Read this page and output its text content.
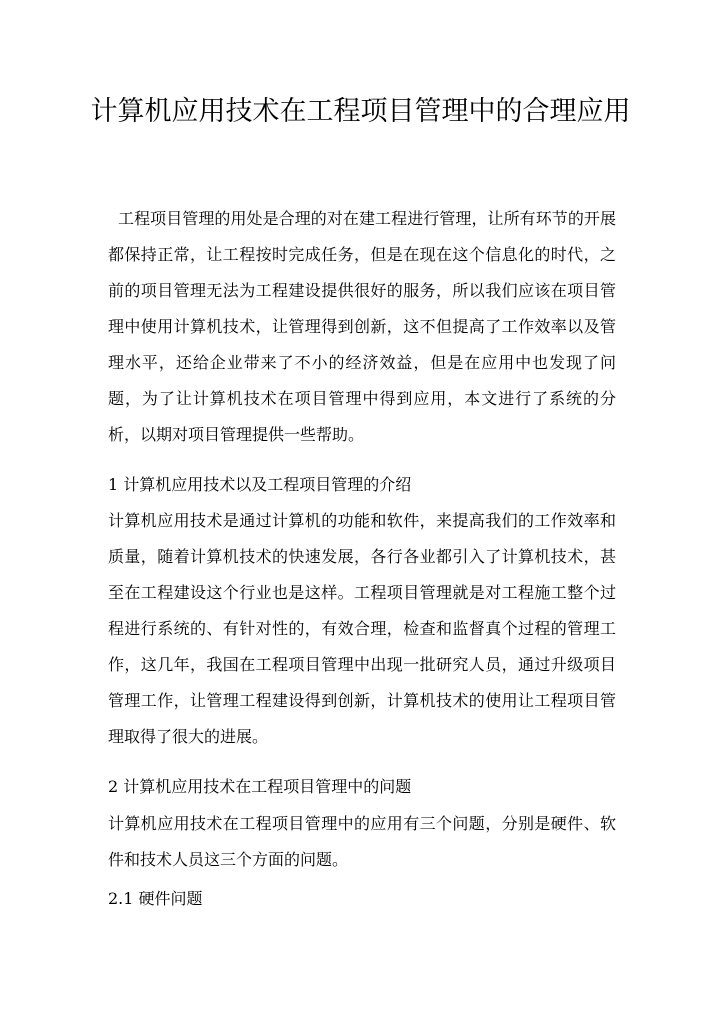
计算机应用技术在工程项目管理中的合理应用

工程项目管理的用处是合理的对在建工程进行管理，让所有环节的开展都保持正常，让工程按时完成任务，但是在现在这个信息化的时代，之前的项目管理无法为工程建设提供很好的服务，所以我们应该在项目管理中使用计算机技术，让管理得到创新，这不但提高了工作效率以及管理水平，还给企业带来了不小的经济效益，但是在应用中也发现了问题，为了让计算机技术在项目管理中得到应用，本文进行了系统的分析，以期对项目管理提供一些帮助。

1 计算机应用技术以及工程项目管理的介绍

计算机应用技术是通过计算机的功能和软件，来提高我们的工作效率和质量，随着计算机技术的快速发展，各行各业都引入了计算机技术，甚至在工程建设这个行业也是这样。工程项目管理就是对工程施工整个过程进行系统的、有针对性的，有效合理，检查和监督真个过程的管理工作，这几年，我国在工程项目管理中出现一批研究人员，通过升级项目管理工作，让管理工程建设得到创新，计算机技术的使用让工程项目管理取得了很大的进展。

2 计算机应用技术在工程项目管理中的问题

计算机应用技术在工程项目管理中的应用有三个问题，分别是硬件、软件和技术人员这三个方面的问题。

2.1 硬件问题
